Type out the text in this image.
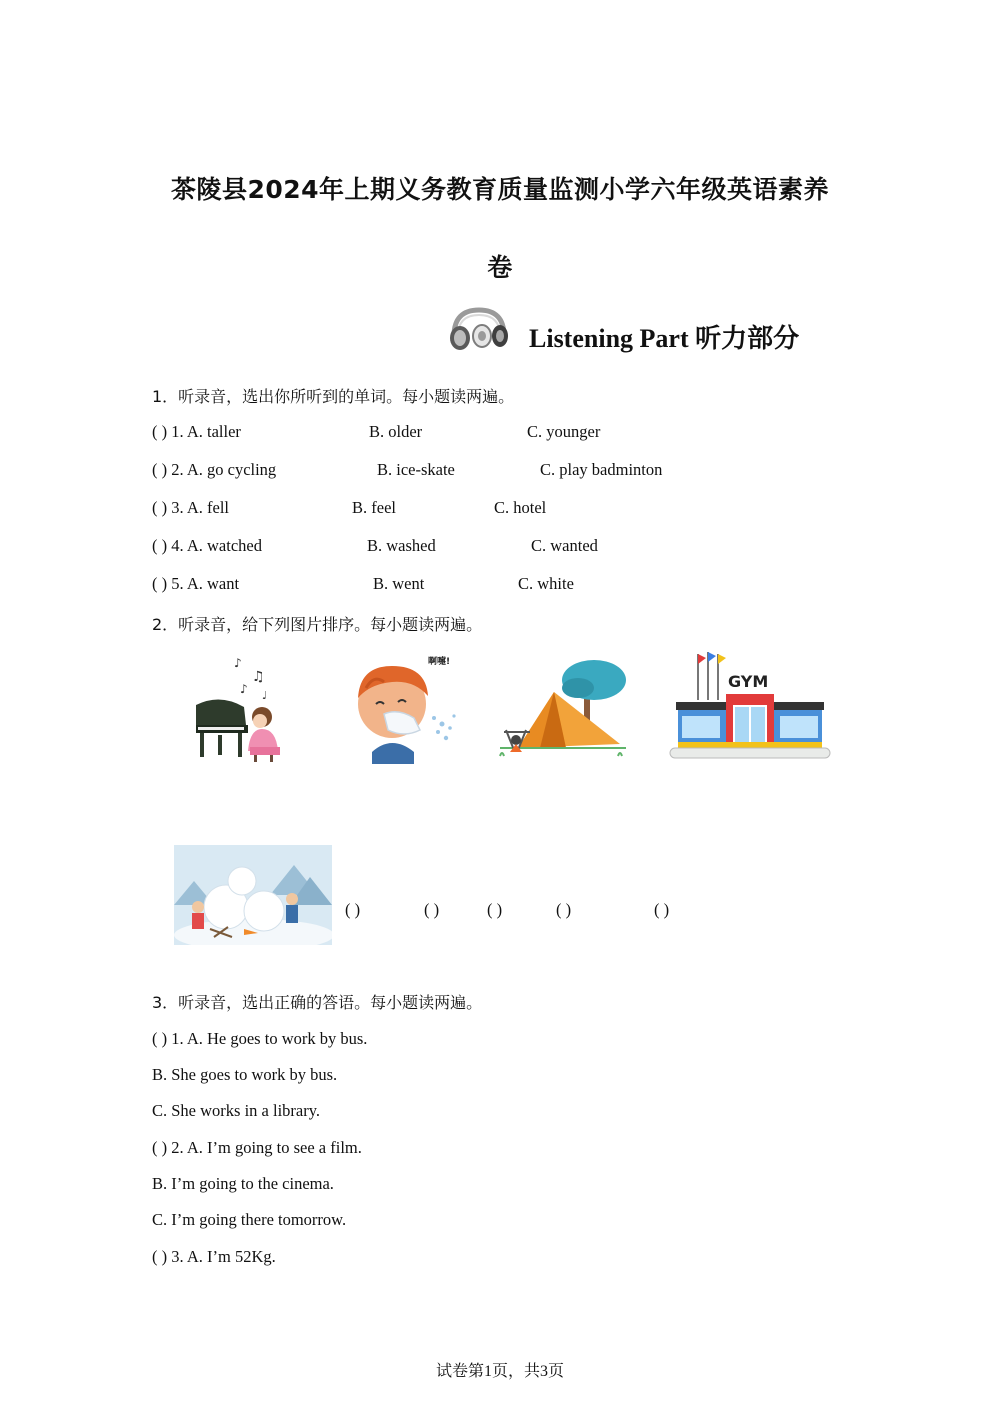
茶陵县2024年上期义务教育质量监测小学六年级英语素养
卷
Listening Part 听力部分
1．听录音，选出你所听到的单词。每小题读两遍。
( ) 1. A. taller	B. older	C. younger
( ) 2. A. go cycling	B. ice-skate	C. play badminton
( ) 3. A. fell	B. feel	C. hotel
( ) 4. A. watched	B. washed	C. wanted
( ) 5. A. want	B. went	C. white
2．听录音，给下列图片排序。每小题读两遍。
♪
♫
♪ ♩
啊嚏!
GYM
( )	( )	( )	( )	( )
3．听录音，选出正确的答语。每小题读两遍。
( ) 1. A. He goes to work by bus.
B. She goes to work by bus.
C. She works in a library.
( ) 2. A. I’m going to see a film.
B. I’m going to the cinema.
C. I’m going there tomorrow.
( ) 3. A. I’m 52Kg.
试卷第1页，共3页
